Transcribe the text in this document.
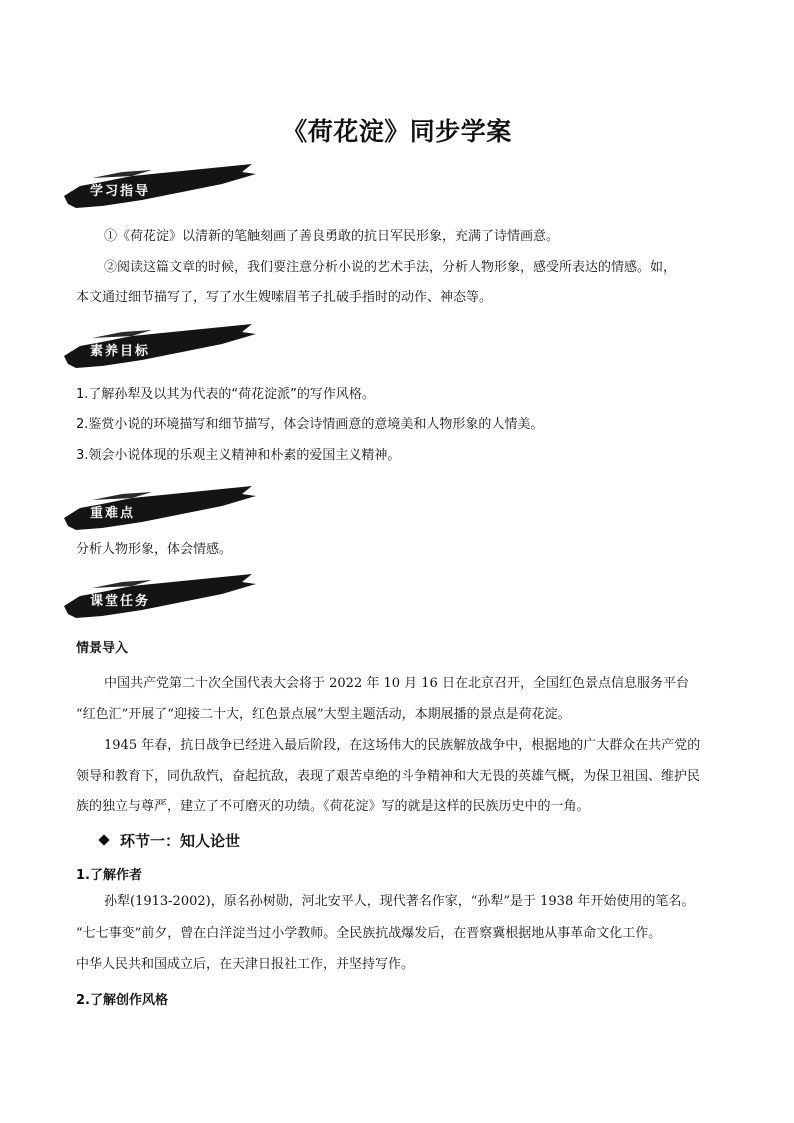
《荷花淀》同步学案
学习指导
①《荷花淀》以清新的笔触刻画了善良勇敢的抗日军民形象，充满了诗情画意。
②阅读这篇文章的时候，我们要注意分析小说的艺术手法，分析人物形象，感受所表达的情感。如，
本文通过细节描写了，写了水生嫂嗦眉苇子扎破手指时的动作、神态等。
素养目标
1.了解孙犁及以其为代表的“荷花淀派”的写作风格。
2.鉴赏小说的环境描写和细节描写，体会诗情画意的意境美和人物形象的人情美。
3.领会小说体现的乐观主义精神和朴素的爱国主义精神。
重难点
分析人物形象，体会情感。
课堂任务
情景导入
中国共产党第二十次全国代表大会将于 2022 年 10 月 16 日在北京召开，全国红色景点信息服务平台
“红色汇”开展了“迎接二十大，红色景点展”大型主题活动，本期展播的景点是荷花淀。
1945 年春，抗日战争已经进入最后阶段，在这场伟大的民族解放战争中，根据地的广大群众在共产党的
领导和教育下，同仇敌忾，奋起抗敌，表现了艰苦卓绝的斗争精神和大无畏的英雄气概，为保卫祖国、维护民
族的独立与尊严，建立了不可磨灭的功绩。《荷花淀》写的就是这样的民族历史中的一角。
环节一：知人论世
1.了解作者
孙犁(1913-2002)，原名孙树勋，河北安平人，现代著名作家，“孙犁”是于 1938 年开始使用的笔名。
“七七事变”前夕，曾在白洋淀当过小学教师。全民族抗战爆发后，在晋察冀根据地从事革命文化工作。
中华人民共和国成立后，在天津日报社工作，并坚持写作。
2.了解创作风格
